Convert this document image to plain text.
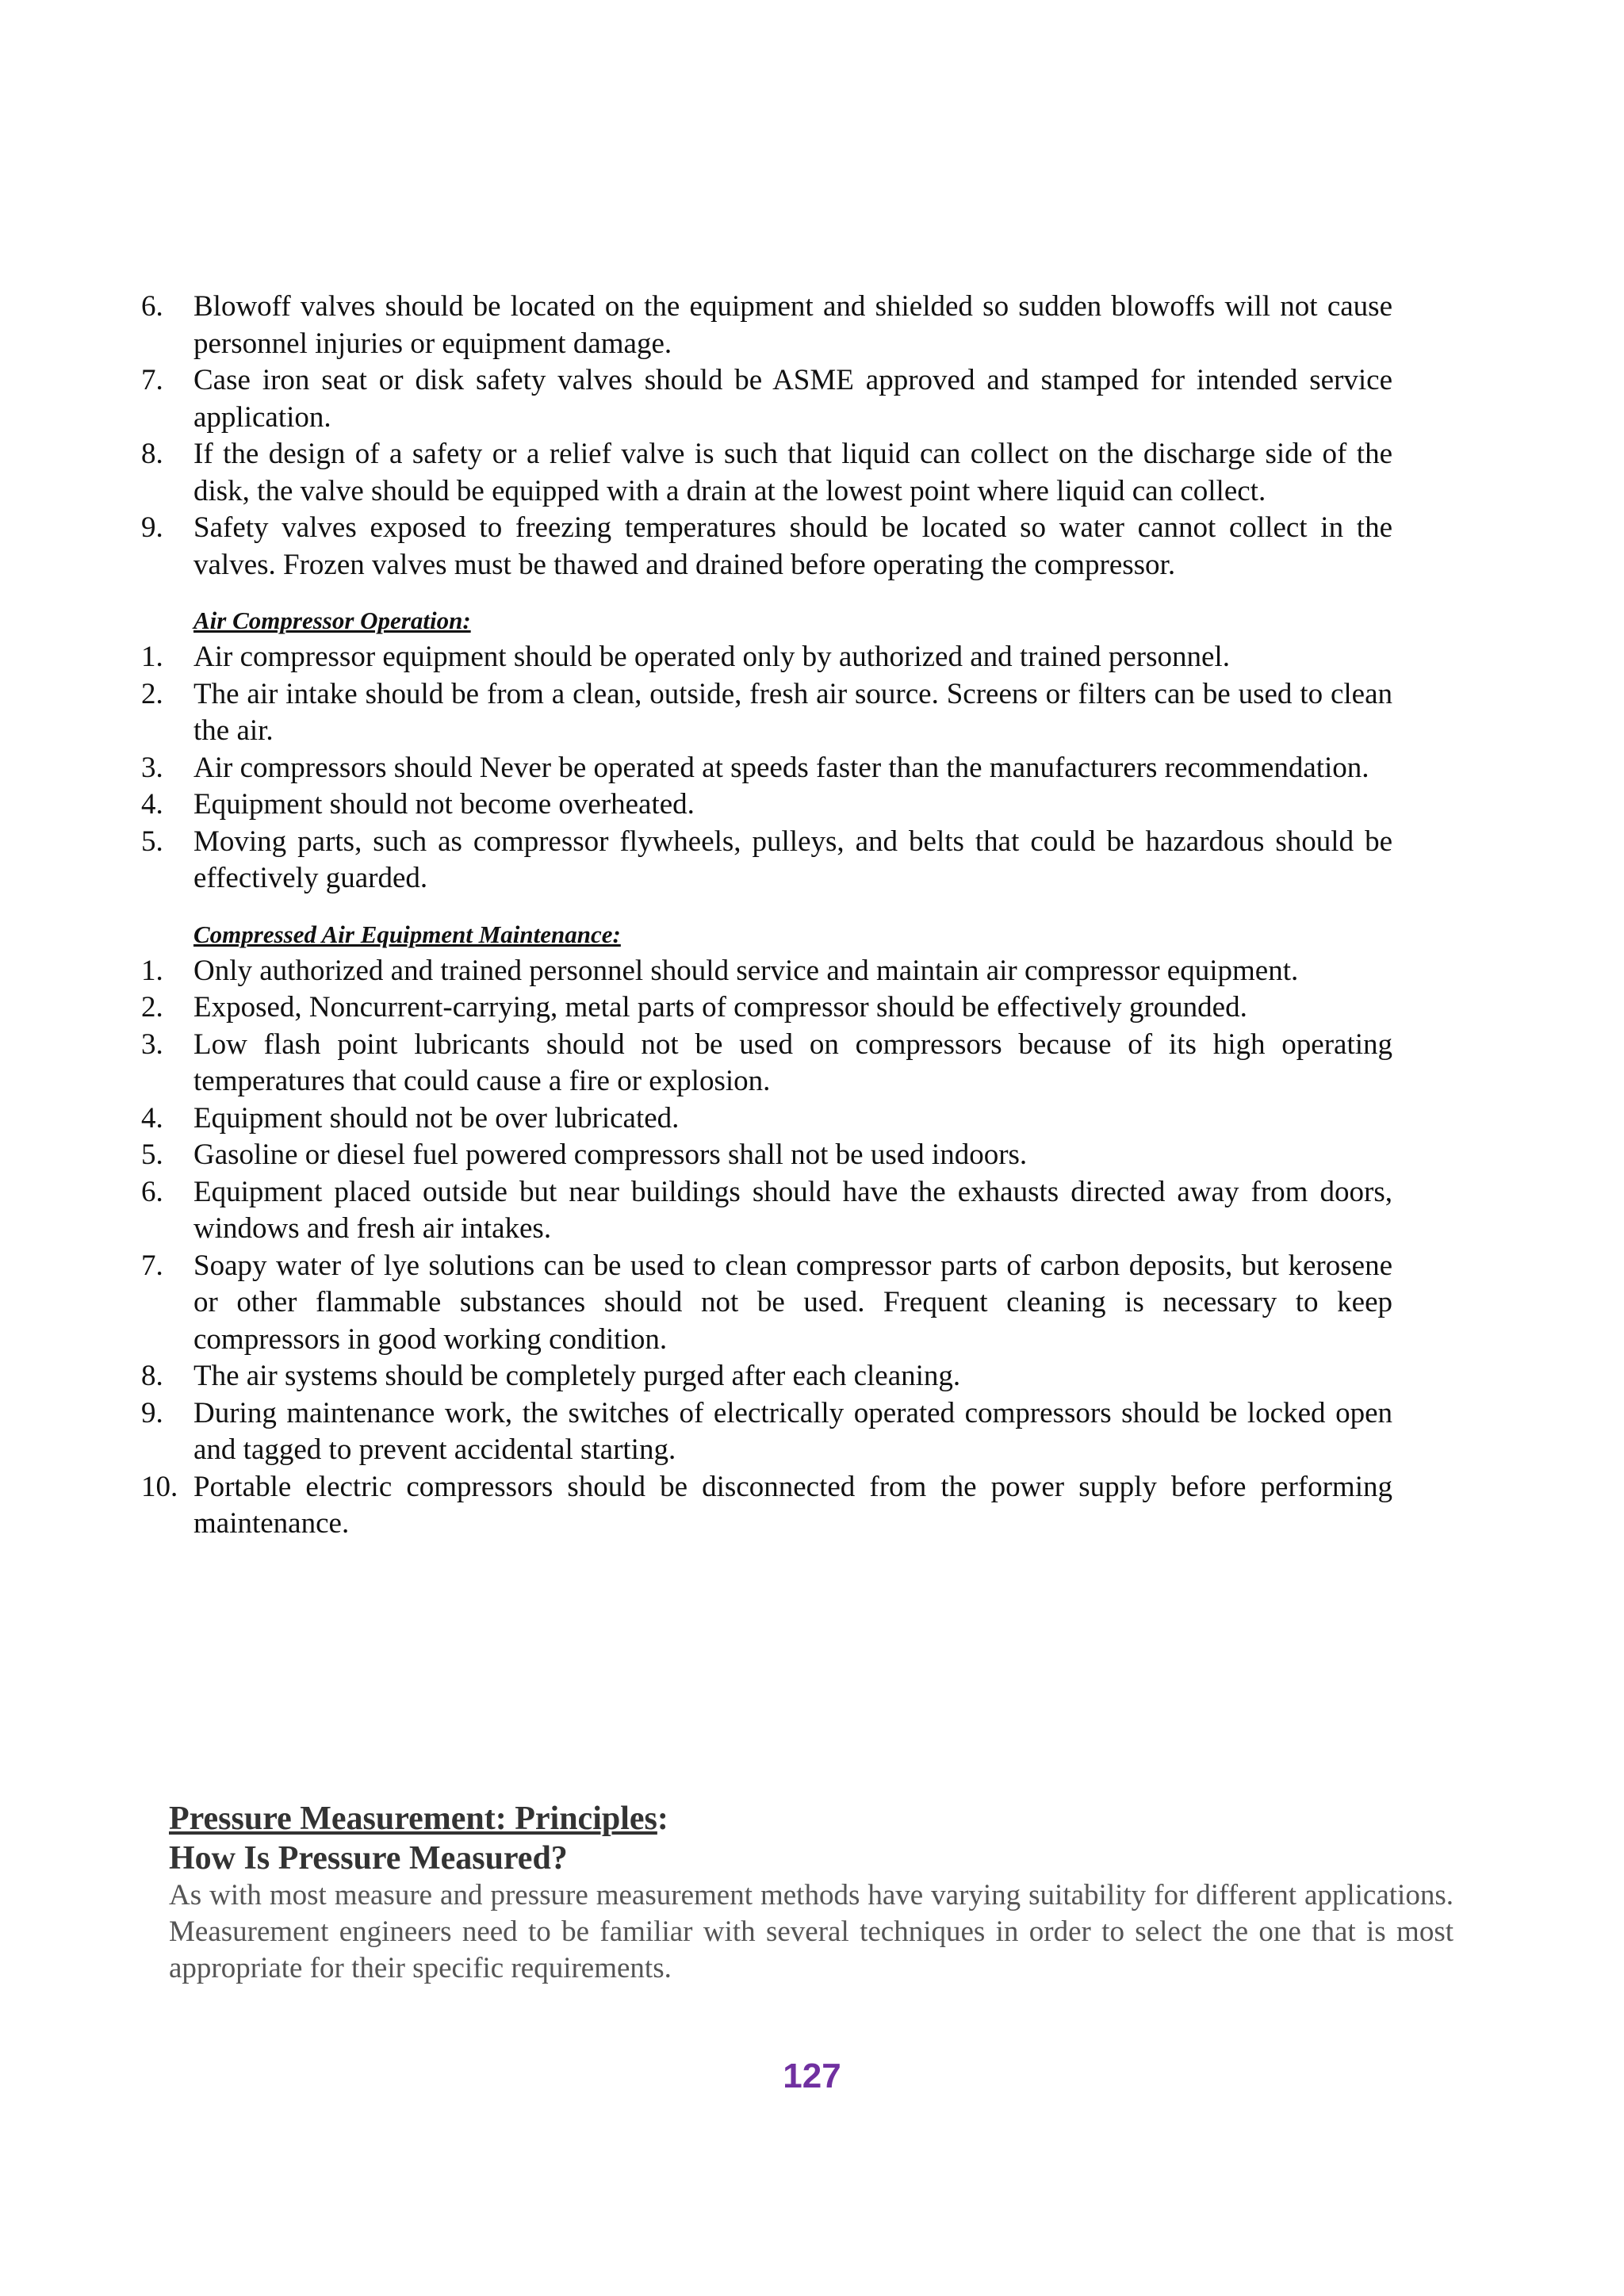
6.	Blowoff valves should be located on the equipment and shielded so sudden blowoffs will not cause personnel injuries or equipment damage.
7.	Case iron seat or disk safety valves should be ASME approved and stamped for intended service application.
8.	If the design of a safety or a relief valve is such that liquid can collect on the discharge side of the disk, the valve should be equipped with a drain at the lowest point where liquid can collect.
9.	Safety valves exposed to freezing temperatures should be located so water cannot collect in the valves. Frozen valves must be thawed and drained before operating the compressor.
Air Compressor Operation:
1.	Air compressor equipment should be operated only by authorized and trained personnel.
2.	The air intake should be from a clean, outside, fresh air source. Screens or filters can be used to clean the air.
3.	Air compressors should Never be operated at speeds faster than the manufacturers recommendation.
4.	Equipment should not become overheated.
5.	Moving parts, such as compressor flywheels, pulleys, and belts that could be hazardous should be effectively guarded.
Compressed Air Equipment Maintenance:
1.	Only authorized and trained personnel should service and maintain air compressor equipment.
2.	Exposed, Noncurrent-carrying, metal parts of compressor should be effectively grounded.
3.	Low flash point lubricants should not be used on compressors because of its high operating temperatures that could cause a fire or explosion.
4.	Equipment should not be over lubricated.
5.	Gasoline or diesel fuel powered compressors shall not be used indoors.
6.	Equipment placed outside but near buildings should have the exhausts directed away from doors, windows and fresh air intakes.
7.	Soapy water of lye solutions can be used to clean compressor parts of carbon deposits, but kerosene or other flammable substances should not be used. Frequent cleaning is necessary to keep compressors in good working condition.
8.	The air systems should be completely purged after each cleaning.
9.	During maintenance work, the switches of electrically operated compressors should be locked open and tagged to prevent accidental starting.
10. Portable electric compressors should be disconnected from the power supply before performing maintenance.
Pressure Measurement: Principles:
How Is Pressure Measured?
As with most measure and pressure measurement methods have varying suitability for different applications. Measurement engineers need to be familiar with several techniques in order to select the one that is most appropriate for their specific requirements.
127
